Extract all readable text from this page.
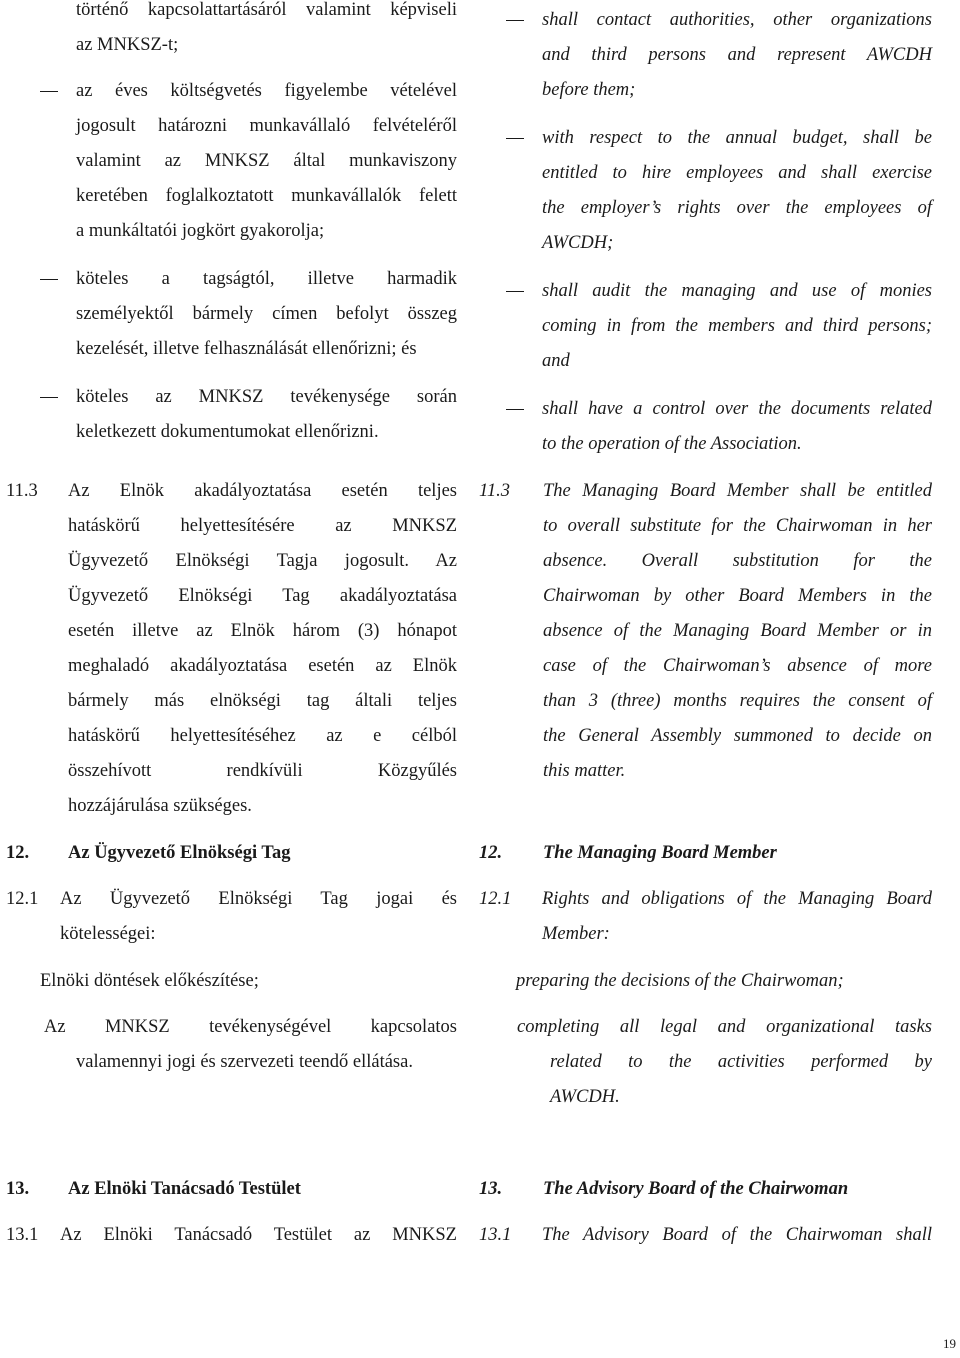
történő kapcsolattartásáról valamint képviseli
az MNKSZ-t;
az éves költségvetés figyelembe vételével
jogosult határozni munkavállaló felvételéről
valamint az MNKSZ által munkaviszony
keretében foglalkoztatott munkavállalók felett
a munkáltatói jogkört gyakorolja;
köteles a tagságtól, illetve harmadik
személyektől bármely címen befolyt összeg
kezelését, illetve felhasználását ellenőrizni; és
köteles az MNKSZ tevékenysége során
keletkezett dokumentumokat ellenőrizni.
11.3 Az Elnök akadályoztatása esetén teljes
hatáskörű helyettesítésére az MNKSZ
Ügyvezető Elnökségi Tagja jogosult. Az
Ügyvezető Elnökségi Tag akadályoztatása
esetén illetve az Elnök három (3) hónapot
meghaladó akadályoztatása esetén az Elnök
bármely más elnökségi tag általi teljes
hatáskörű helyettesítéséhez az e célból
összehívott rendkívüli Közgyűlés
hozzájárulása szükséges.
12. Az Ügyvezető Elnökségi Tag
12.1 Az Ügyvezető Elnökségi Tag jogai és
kötelességei:
Elnöki döntések előkészítése;
Az MNKSZ tevékenységével kapcsolatos
valamennyi jogi és szervezeti teendő ellátása.
13. Az Elnöki Tanácsadó Testület
13.1 Az Elnöki Tanácsadó Testület az MNKSZ
shall contact authorities, other organizations
and third persons and represent AWCDH
before them;
with respect to the annual budget, shall be
entitled to hire employees and shall exercise
the employer’s rights over the employees of
AWCDH;
shall audit the managing and use of monies
coming in from the members and third persons;
and
shall have a control over the documents related
to the operation of the Association.
11.3 The Managing Board Member shall be entitled
to overall substitute for the Chairwoman in her
absence. Overall substitution for the
Chairwoman by other Board Members in the
absence of the Managing Board Member or in
case of the Chairwoman’s absence of more
than 3 (three) months requires the consent of
the General Assembly summoned to decide on
this matter.
12. The Managing Board Member
12.1 Rights and obligations of the Managing Board
Member:
preparing the decisions of the Chairwoman;
completing all legal and organizational tasks
related to the activities performed by
AWCDH.
13. The Advisory Board of the Chairwoman
13.1 The Advisory Board of the Chairwoman shall
19
